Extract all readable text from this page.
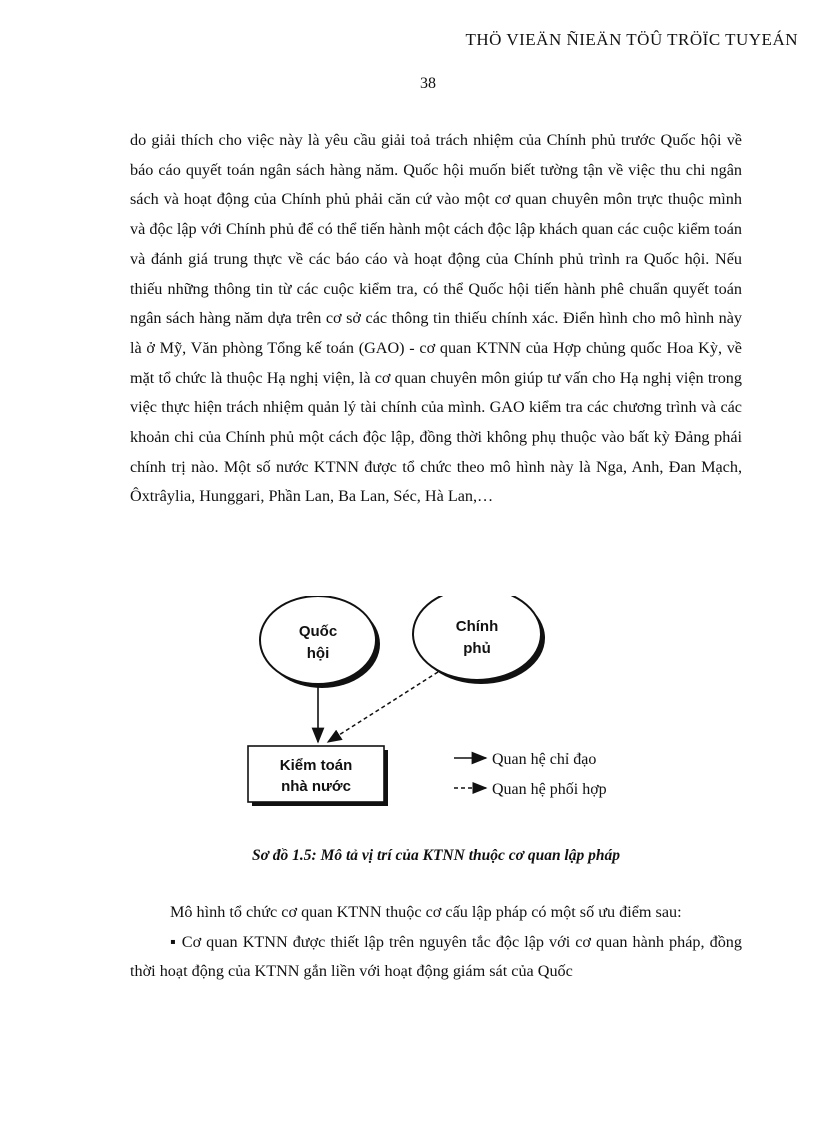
THÖ VIEÄN ÑIEÄN TÖÛ TRÖÏC TUYEÁN
38

do giải thích cho việc này là yêu cầu giải toả trách nhiệm của Chính phủ trước Quốc hội về báo cáo quyết toán ngân sách hàng năm. Quốc hội muốn biết tường tận về việc thu chi ngân sách và hoạt động của Chính phủ phải căn cứ vào một cơ quan chuyên môn trực thuộc mình và độc lập với Chính phủ để có thể tiến hành một cách độc lập khách quan các cuộc kiểm toán và đánh giá trung thực về các báo cáo và hoạt động của Chính phủ trình ra Quốc hội. Nếu thiếu những thông tin từ các cuộc kiểm tra, có thể Quốc hội tiến hành phê chuẩn quyết toán ngân sách hàng năm dựa trên cơ sở các thông tin thiếu chính xác. Điển hình cho mô hình này là ở Mỹ, Văn phòng Tổng kế toán (GAO) - cơ quan KTNN của Hợp chủng quốc Hoa Kỳ, về mặt tổ chức là thuộc Hạ nghị viện, là cơ quan chuyên môn giúp tư vấn cho Hạ nghị viện trong việc thực hiện trách nhiệm quản lý tài chính của mình. GAO kiểm tra các chương trình và các khoản chi của Chính phủ một cách độc lập, đồng thời không phụ thuộc vào bất kỳ Đảng phái chính trị nào. Một số nước KTNN được tổ chức theo mô hình này là Nga, Anh, Đan Mạch, Ôxtrâylia, Hunggari, Phần Lan, Ba Lan, Séc, Hà Lan,…

Quốc
hội
Chính
phủ
Kiểm toán
nhà nước
Quan hệ chỉ đạo
Quan hệ phối hợp
Sơ đồ 1.5: Mô tả vị trí của KTNN thuộc cơ quan lập pháp
Mô hình tổ chức cơ quan KTNN thuộc cơ cấu lập pháp có một số ưu điểm sau:
▪ Cơ quan KTNN được thiết lập trên nguyên tắc độc lập với cơ quan hành pháp, đồng thời hoạt động của KTNN gắn liền với hoạt động giám sát của Quốc
